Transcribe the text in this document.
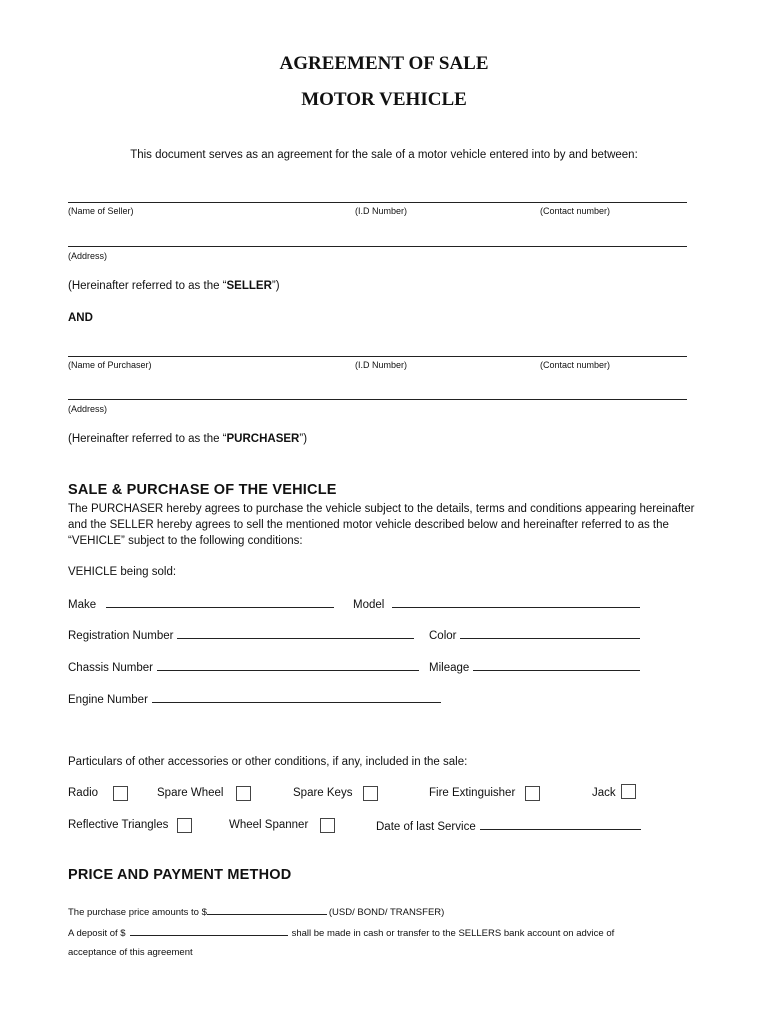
AGREEMENT OF SALE
MOTOR VEHICLE
This document serves as an agreement for the sale of a motor vehicle entered into by and between:
(Name of Seller)	(I.D Number)	(Contact number)
(Address)
(Hereinafter referred to as the “SELLER”)
AND
(Name of Purchaser)	(I.D Number)	(Contact number)
(Address)
(Hereinafter referred to as the “PURCHASER”)
SALE & PURCHASE OF THE VEHICLE
The PURCHASER hereby agrees to purchase the vehicle subject to the details, terms and conditions appearing hereinafter and the SELLER hereby agrees to sell the mentioned motor vehicle described below and hereinafter referred to as the “VEHICLE” subject to the following conditions:
VEHICLE being sold:
Make	Model
Registration Number	Color
Chassis Number	Mileage
Engine Number
Particulars of other accessories or other conditions, if any, included in the sale:
Radio	Spare Wheel	Spare Keys	Fire Extinguisher	Jack
Reflective Triangles	Wheel Spanner	Date of last Service
PRICE AND PAYMENT METHOD
The purchase price amounts to $	(USD/ BOND/ TRANSFER)
A deposit of $	shall be made in cash or transfer to the SELLERS bank account on advice of
acceptance of this agreement
